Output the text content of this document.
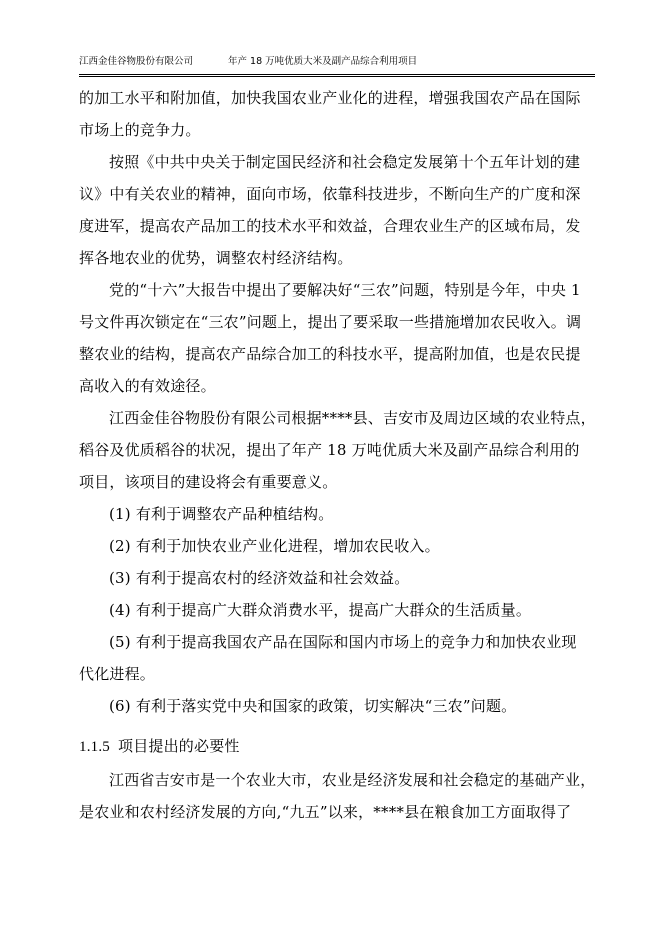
江西金佳谷物股份有限公司	年产 18 万吨优质大米及副产品综合利用项目
的加工水平和附加值，加快我国农业产业化的进程，增强我国农产品在国际
市场上的竞争力。
按照《中共中央关于制定国民经济和社会稳定发展第十个五年计划的建
议》中有关农业的精神，面向市场，依靠科技进步，不断向生产的广度和深
度进军，提高农产品加工的技术水平和效益，合理农业生产的区域布局，发
挥各地农业的优势，调整农村经济结构。
党的“十六”大报告中提出了要解决好“三农”问题，特别是今年，中央 1
号文件再次锁定在“三农”问题上，提出了要采取一些措施增加农民收入。调
整农业的结构，提高农产品综合加工的科技水平，提高附加值，也是农民提
高收入的有效途径。
江西金佳谷物股份有限公司根据****县、吉安市及周边区域的农业特点，
稻谷及优质稻谷的状况，提出了年产 18 万吨优质大米及副产品综合利用的
项目，该项目的建设将会有重要意义。
(1) 有利于调整农产品种植结构。
(2) 有利于加快农业产业化进程，增加农民收入。
(3) 有利于提高农村的经济效益和社会效益。
(4) 有利于提高广大群众消费水平，提高广大群众的生活质量。
(5) 有利于提高我国农产品在国际和国内市场上的竞争力和加快农业现
代化进程。
(6) 有利于落实党中央和国家的政策，切实解决“三农”问题。
1.1.5 项目提出的必要性
江西省吉安市是一个农业大市，农业是经济发展和社会稳定的基础产业，
是农业和农村经济发展的方向,“九五”以来，****县在粮食加工方面取得了
